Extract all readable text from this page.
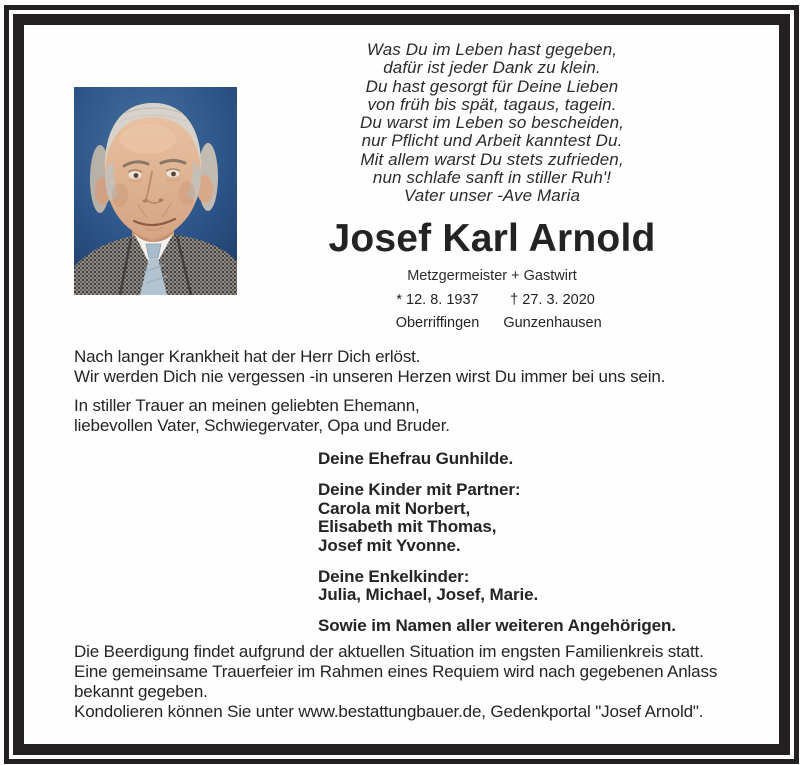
Was Du im Leben hast gegeben,
dafür ist jeder Dank zu klein.
Du hast gesorgt für Deine Lieben
von früh bis spät, tagaus, tagein.
Du warst im Leben so bescheiden,
nur Pflicht und Arbeit kanntest Du.
Mit allem warst Du stets zufrieden,
nun schlafe sanft in stiller Ruh'!
Vater unser -Ave Maria
Josef Karl Arnold
Metzgermeister + Gastwirt
* 12. 8. 1937	† 27. 3. 2020
Oberriffingen	Gunzenhausen
Nach langer Krankheit hat der Herr Dich erlöst.
Wir werden Dich nie vergessen -in unseren Herzen wirst Du immer bei uns sein.
In stiller Trauer an meinen geliebten Ehemann,
liebevollen Vater, Schwiegervater, Opa und Bruder.
Deine Ehefrau Gunhilde.
Deine Kinder mit Partner:
Carola mit Norbert,
Elisabeth mit Thomas,
Josef mit Yvonne.
Deine Enkelkinder:
Julia, Michael, Josef, Marie.
Sowie im Namen aller weiteren Angehörigen.
Die Beerdigung findet aufgrund der aktuellen Situation im engsten Familienkreis statt.
Eine gemeinsame Trauerfeier im Rahmen eines Requiem wird nach gegebenen Anlass
bekannt gegeben.
Kondolieren können Sie unter www.bestattungbauer.de, Gedenkportal "Josef Arnold".
